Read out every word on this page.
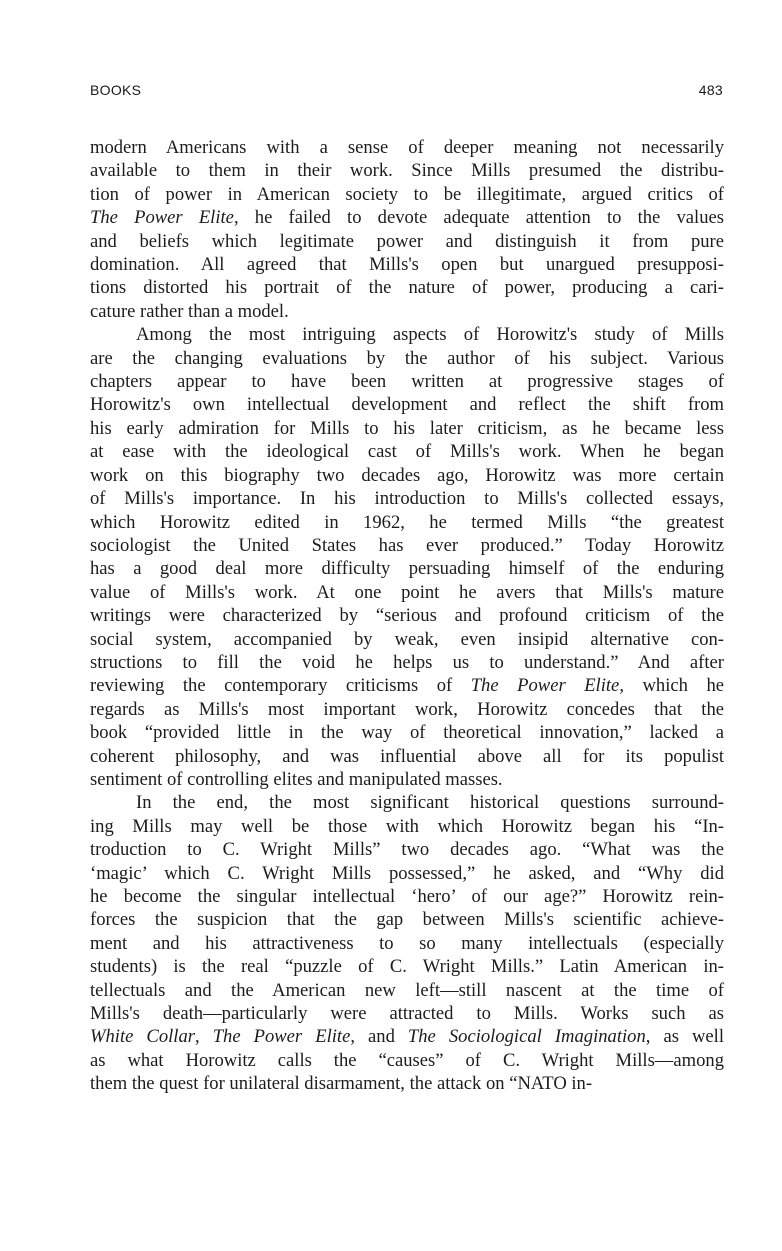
BOOKS	483

modern Americans with a sense of deeper meaning not necessarily
available to them in their work. Since Mills presumed the distribu-
tion of power in American society to be illegitimate, argued critics of
The Power Elite, he failed to devote adequate attention to the values
and beliefs which legitimate power and distinguish it from pure
domination. All agreed that Mills's open but unargued presupposi-
tions distorted his portrait of the nature of power, producing a cari-
cature rather than a model.

Among the most intriguing aspects of Horowitz's study of Mills
are the changing evaluations by the author of his subject. Various
chapters appear to have been written at progressive stages of
Horowitz's own intellectual development and reflect the shift from
his early admiration for Mills to his later criticism, as he became less
at ease with the ideological cast of Mills's work. When he began
work on this biography two decades ago, Horowitz was more certain
of Mills's importance. In his introduction to Mills's collected essays,
which Horowitz edited in 1962, he termed Mills “the greatest
sociologist the United States has ever produced.” Today Horowitz
has a good deal more difficulty persuading himself of the enduring
value of Mills's work. At one point he avers that Mills's mature
writings were characterized by “serious and profound criticism of the
social system, accompanied by weak, even insipid alternative con-
structions to fill the void he helps us to understand.” And after
reviewing the contemporary criticisms of The Power Elite, which he
regards as Mills's most important work, Horowitz concedes that the
book “provided little in the way of theoretical innovation,” lacked a
coherent philosophy, and was influential above all for its populist
sentiment of controlling elites and manipulated masses.

In the end, the most significant historical questions surround-
ing Mills may well be those with which Horowitz began his “In-
troduction to C. Wright Mills” two decades ago. “What was the
‘magic’ which C. Wright Mills possessed,” he asked, and “Why did
he become the singular intellectual ‘hero’ of our age?” Horowitz rein-
forces the suspicion that the gap between Mills's scientific achieve-
ment and his attractiveness to so many intellectuals (especially
students) is the real “puzzle of C. Wright Mills.” Latin American in-
tellectuals and the American new left—still nascent at the time of
Mills's death—particularly were attracted to Mills. Works such as
White Collar, The Power Elite, and The Sociological Imagination, as well
as what Horowitz calls the “causes” of C. Wright Mills—among
them the quest for unilateral disarmament, the attack on “NATO in-
